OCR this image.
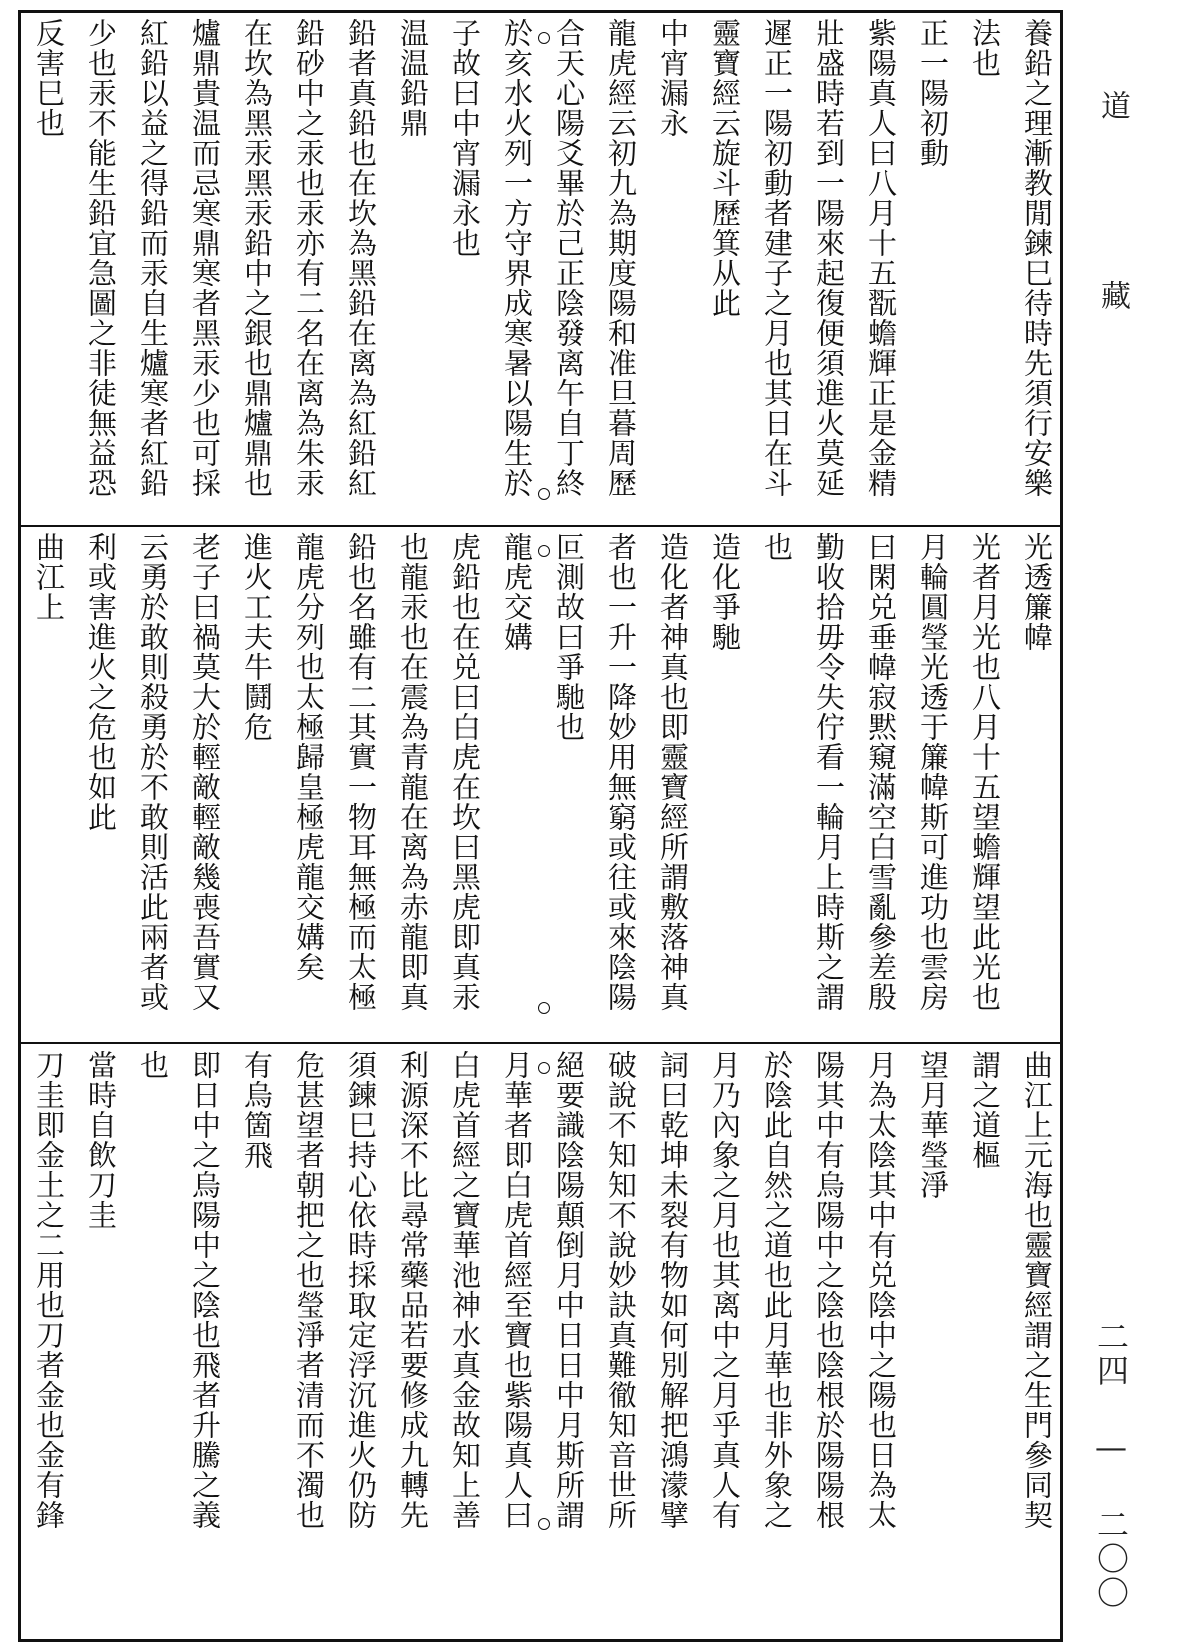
道
藏
二四 — 二〇〇
養鉛之理漸教閒鍊巳待時先須行安樂
法也
正一陽初動
紫陽真人曰八月十五翫蟾輝正是金精
壯盛時若到一陽來起復便須進火莫延
遲正一陽初動者建子之月也其日在斗
靈寶經云旋斗歷箕从此
中宵漏永
龍虎經云初九為期度陽和准旦暮周歷
合天心陽爻畢於己正陰發离午自丁終
於亥水火列一方守界成寒暑以陽生於
子故曰中宵漏永也
温温鉛鼎
鉛者真鉛也在坎為黑鉛在离為紅鉛紅
鉛砂中之汞也汞亦有二名在离為朱汞
在坎為黑汞黑汞鉛中之銀也鼎爐鼎也
爐鼎貴温而忌寒鼎寒者黑汞少也可採
紅鉛以益之得鉛而汞自生爐寒者紅鉛
少也汞不能生鉛宜急圖之非徒無益恐
反害巳也
光透簾幃
光者月光也八月十五望蟾輝望此光也
月輪圓瑩光透于簾幃斯可進功也雲房
曰閑兑垂幃寂黙窺滿空白雪亂參差殷
勤收拾毋令失佇看一輪月上時斯之謂
也
造化爭馳
造化者神真也即靈寶經所謂敷落神真
者也一升一降妙用無窮或往或來陰陽
叵測故曰爭馳也
龍虎交媾
虎鉛也在兑曰白虎在坎曰黑虎即真汞
也龍汞也在震為青龍在离為赤龍即真
鉛也名雖有二其實一物耳無極而太極
龍虎分列也太極歸皇極虎龍交媾矣
進火工夫牛鬪危
老子曰禍莫大於輕敵輕敵幾喪吾實又
云勇於敢則殺勇於不敢則活此兩者或
利或害進火之危也如此
曲江上
曲江上元海也靈寶經謂之生門參同契
謂之道樞
望月華瑩淨
月為太陰其中有兑陰中之陽也日為太
陽其中有烏陽中之陰也陰根於陽陽根
於陰此自然之道也此月華也非外象之
月乃內象之月也其离中之月乎真人有
詞曰乾坤未裂有物如何別解把鴻濛擘
破說不知知不說妙訣真難徹知音世所
絕要識陰陽顛倒月中日日中月斯所謂
月華者即白虎首經至寶也紫陽真人曰
白虎首經之寶華池神水真金故知上善
利源深不比尋常藥品若要修成九轉先
須鍊巳持心依時採取定浮沉進火仍防
危甚望者朝把之也瑩淨者清而不濁也
有烏箇飛
即日中之烏陽中之陰也飛者升騰之義
也
當時自飲刀圭
刀圭即金土之二用也刀者金也金有鋒
